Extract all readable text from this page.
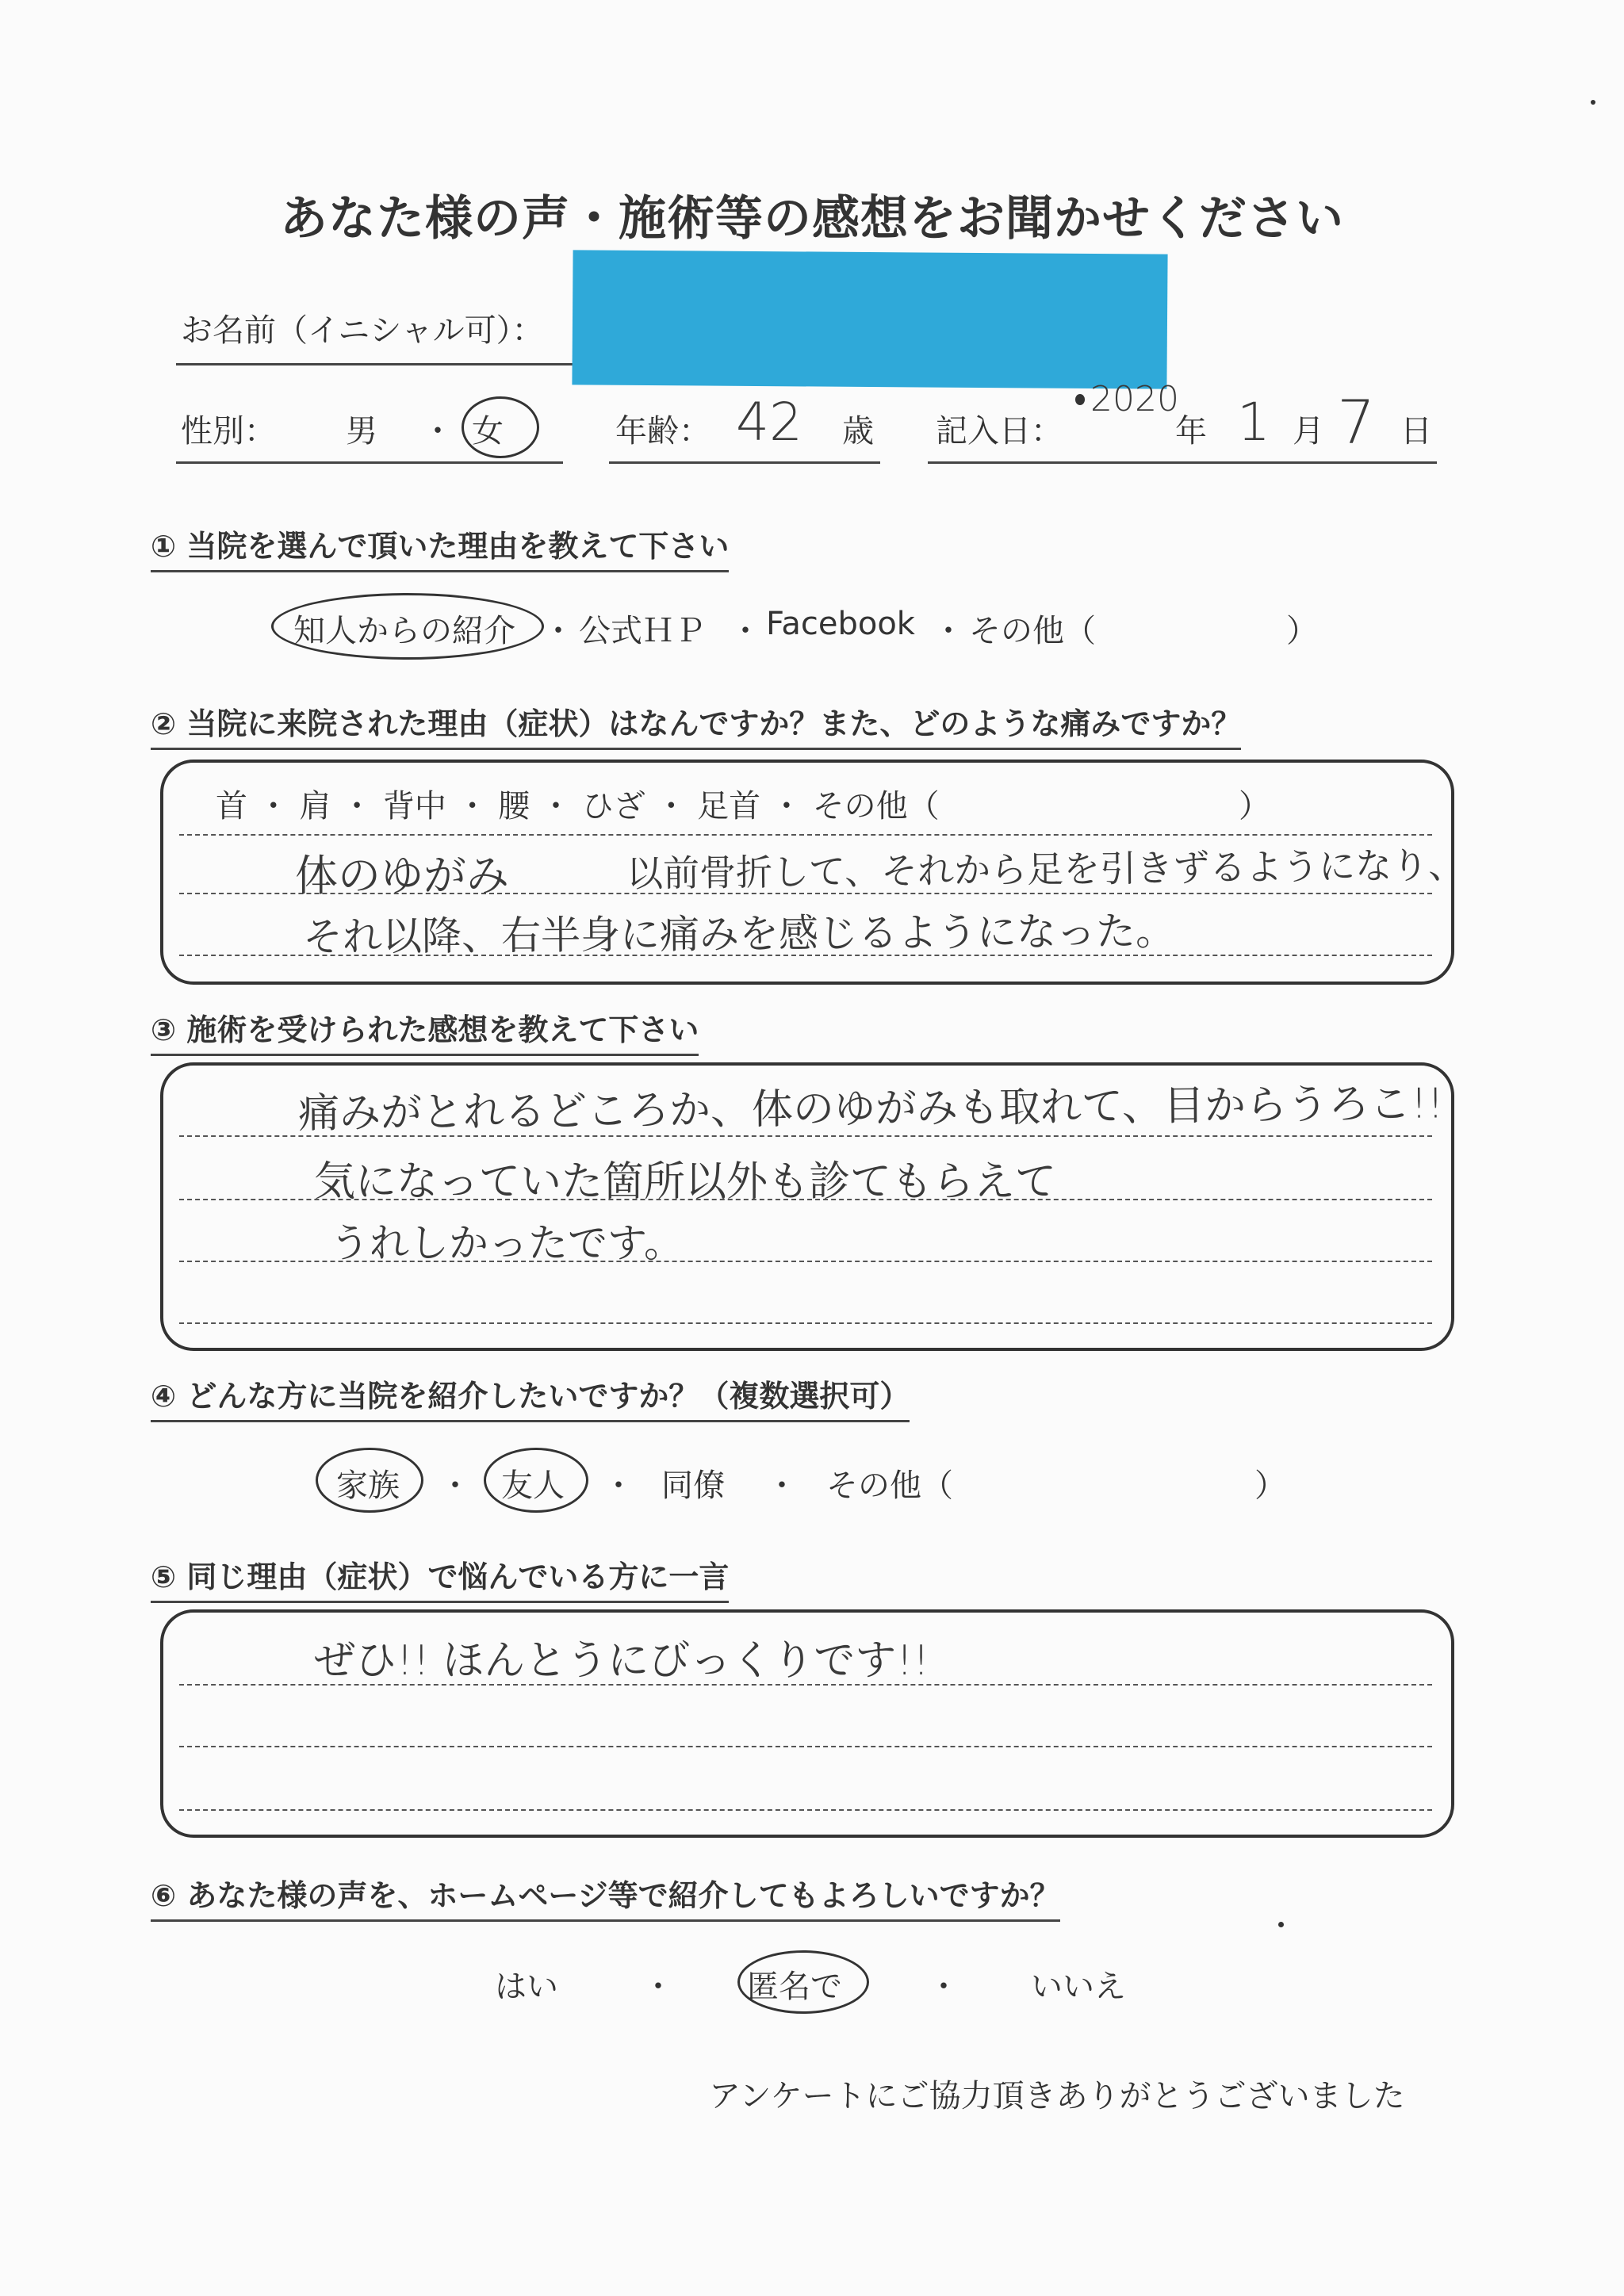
あなた様の声・施術等の感想をお聞かせください
お名前（イニシャル可）：
性別： 男 ・ 女	年齢： 42 歳 記入日：
2020
年 1 月 7 日
① 当院を選んで頂いた理由を教えて下さい
知人からの紹介 ・ 公式ＨＰ ・ Facebook ・ その他（	）
② 当院に来院された理由（症状）はなんですか？また、どのような痛みですか？
首 ・ 肩 ・ 背中 ・ 腰 ・ ひざ ・ 足首 ・ その他（	）
体のゆがみ	以前骨折して、それから足を引きずるようになり、
それ以降、右半身に痛みを感じるようになった。
③ 施術を受けられた感想を教えて下さい
痛みがとれるどころか、体のゆがみも取れて、目からうろこ!!
気になっていた箇所以外も診てもらえて
うれしかったです。
④ どんな方に当院を紹介したいですか？（複数選択可）
家族 ・ 友人 ・ 同僚 ・ その他（	）
⑤ 同じ理由（症状）で悩んでいる方に一言
ぜひ!! ほんとうにびっくりです!!
⑥ あなた様の声を、ホームページ等で紹介してもよろしいですか？
はい	・ 匿名で	・ いいえ
アンケートにご協力頂きありがとうございました
